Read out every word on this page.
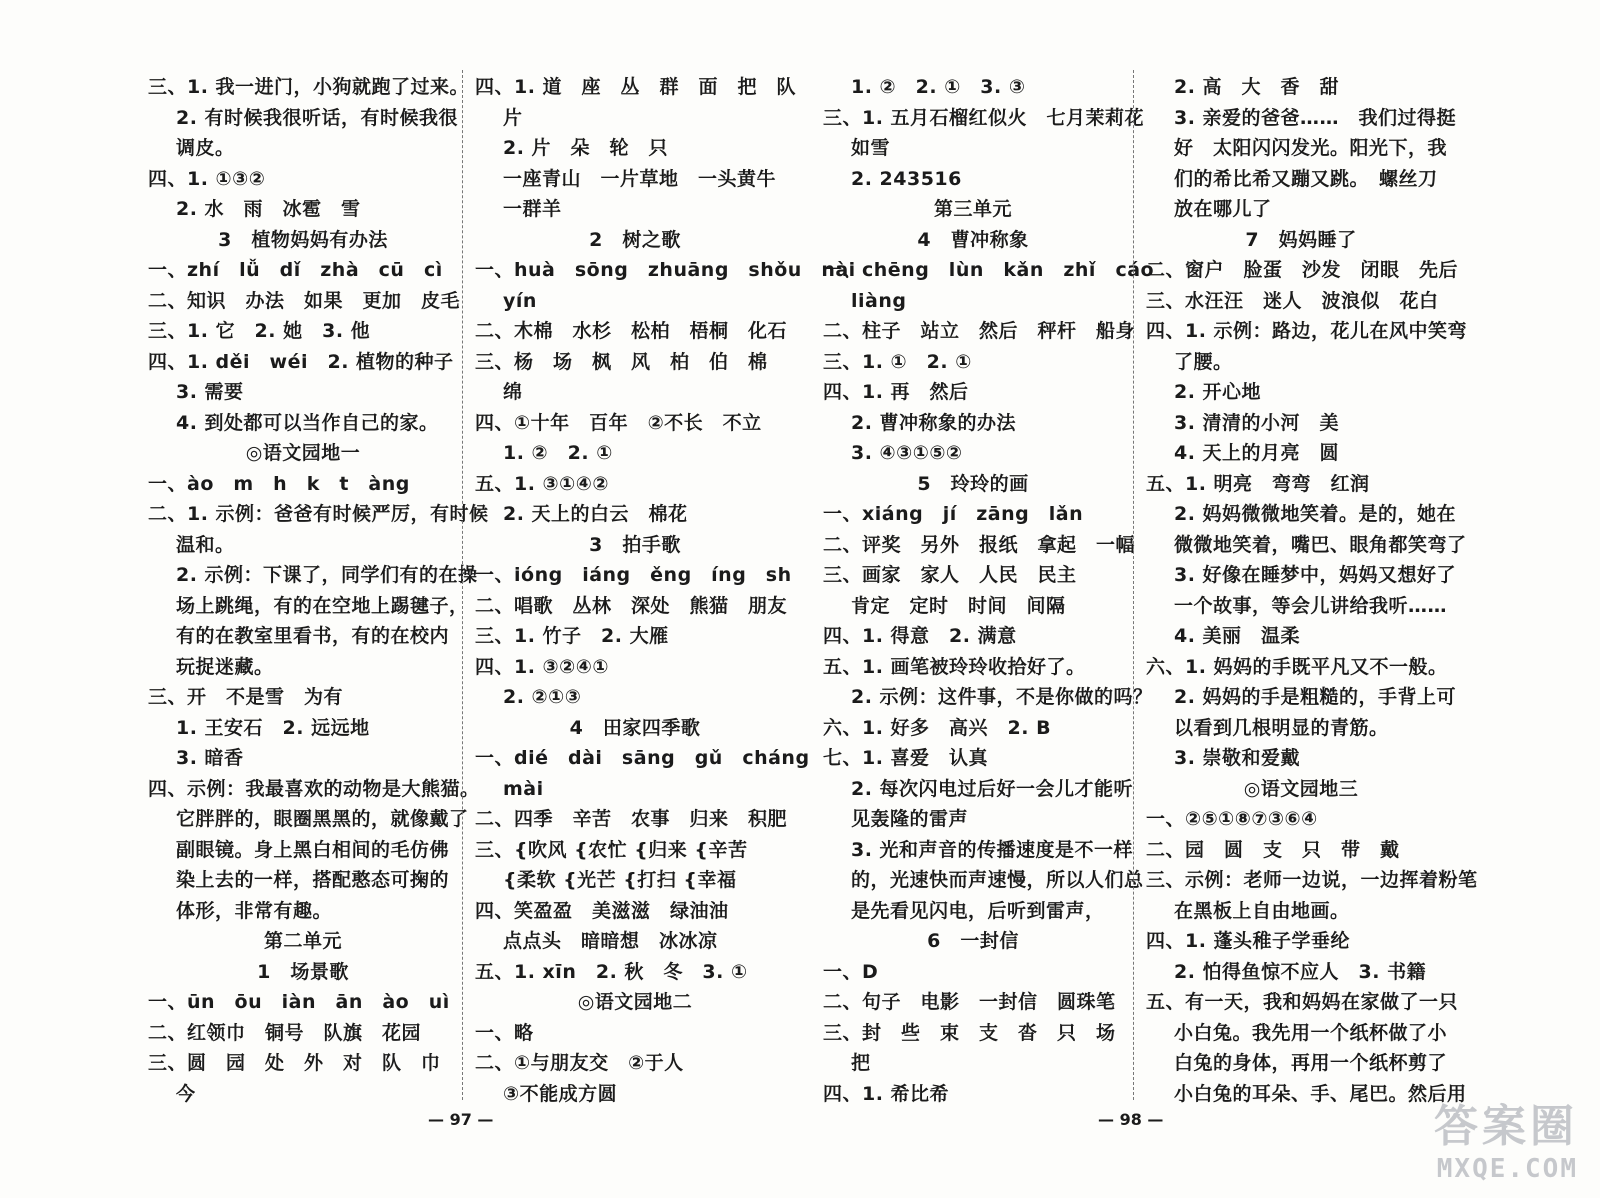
三、1. 我一进门，小狗就跑了过来。
2. 有时候我很听话，有时候我很
调皮。
四、1. ①③②
2. 水　雨　冰雹　雪
3　植物妈妈有办法
一、zhí　lǚ　dǐ　zhà　cū　cì
二、知识　办法　如果　更加　皮毛
三、1. 它　2. 她　3. 他
四、1. děi　wéi　2. 植物的种子
3. 需要
4. 到处都可以当作自己的家。
◎语文园地一
一、ào　m　h　k　t　àng
二、1. 示例：爸爸有时候严厉，有时候
温和。
2. 示例：下课了，同学们有的在操
场上跳绳，有的在空地上踢毽子，
有的在教室里看书，有的在校内
玩捉迷藏。
三、开　不是雪　为有
1. 王安石　2. 远远地
3. 暗香
四、示例：我最喜欢的动物是大熊猫。
它胖胖的，眼圈黑黑的，就像戴了
副眼镜。身上黑白相间的毛仿佛
染上去的一样，搭配憨态可掬的
体形，非常有趣。
第二单元
1　场景歌
一、ūn　ōu　iàn　ān　ào　uì
二、红领巾　铜号　队旗　花园
三、圆　园　处　外　对　队　巾
今
四、1. 道　座　丛　群　面　把　队
片
2. 片　朵　轮　只
一座青山　一片草地　一头黄牛
一群羊
2　树之歌
一、huà　sōng　zhuāng　shǒu　nài
yín
二、木棉　水杉　松柏　梧桐　化石
三、杨　场　枫　风　柏　伯　棉
绵
四、①十年　百年　②不长　不立
1. ②　2. ①
五、1. ③①④②
2. 天上的白云　棉花
3　拍手歌
一、ióng　iáng　ěng　íng　sh
二、唱歌　丛林　深处　熊猫　朋友
三、1. 竹子　2. 大雁
四、1. ③②④①
2. ②①③
4　田家四季歌
一、dié　dài　sāng　gǔ　cháng
mài
二、四季　辛苦　农事　归来　积肥
三、{吹风 {农忙 {归来 {辛苦
{柔软 {光芒 {打扫 {幸福
四、笑盈盈　美滋滋　绿油油
点点头　暗暗想　冰冰凉
五、1. xīn　2. 秋　冬　3. ①
◎语文园地二
一、略
二、①与朋友交　②于人
③不能成方圆
1. ②　2. ①　3. ③
三、1. 五月石榴红似火　七月茉莉花
如雪
2. 243516
第三单元
4　曹冲称象
一、chēng　lùn　kǎn　zhǐ　cáo
liàng
二、柱子　站立　然后　秤杆　船身
三、1. ①　2. ①
四、1. 再　然后
2. 曹冲称象的办法
3. ④③①⑤②
5　玲玲的画
一、xiáng　jí　zāng　lǎn
二、评奖　另外　报纸　拿起　一幅
三、画家　家人　人民　民主
肯定　定时　时间　间隔
四、1. 得意　2. 满意
五、1. 画笔被玲玲收拾好了。
2. 示例：这件事，不是你做的吗？
六、1. 好多　高兴　2. B
七、1. 喜爱　认真
2. 每次闪电过后好一会儿才能听
见轰隆的雷声
3. 光和声音的传播速度是不一样
的，光速快而声速慢，所以人们总
是先看见闪电，后听到雷声，
6　一封信
一、D
二、句子　电影　一封信　圆珠笔
三、封　些　束　支　沓　只　场
把
四、1. 希比希
2. 高　大　香　甜
3. 亲爱的爸爸……　我们过得挺
好　太阳闪闪发光。阳光下，我
们的希比希又蹦又跳。　螺丝刀
放在哪儿了
7　妈妈睡了
二、窗户　脸蛋　沙发　闭眼　先后
三、水汪汪　迷人　波浪似　花白
四、1. 示例：路边，花儿在风中笑弯
了腰。
2. 开心地
3. 清清的小河　美
4. 天上的月亮　圆
五、1. 明亮　弯弯　红润
2. 妈妈微微地笑着。是的，她在
微微地笑着，嘴巴、眼角都笑弯了
3. 好像在睡梦中，妈妈又想好了
一个故事，等会儿讲给我听……
4. 美丽　温柔
六、1. 妈妈的手既平凡又不一般。
2. 妈妈的手是粗糙的，手背上可
以看到几根明显的青筋。
3. 崇敬和爱戴
◎语文园地三
一、②⑤①⑧⑦③⑥④
二、园　圆　支　只　带　戴
三、示例：老师一边说，一边挥着粉笔
在黑板上自由地画。
四、1. 蓬头稚子学垂纶
2. 怕得鱼惊不应人　3. 书籍
五、有一天，我和妈妈在家做了一只
小白兔。我先用一个纸杯做了小
白兔的身体，再用一个纸杯剪了
小白兔的耳朵、手、尾巴。然后用
— 97 —	— 98 —	答案圈
MXQE.COM
